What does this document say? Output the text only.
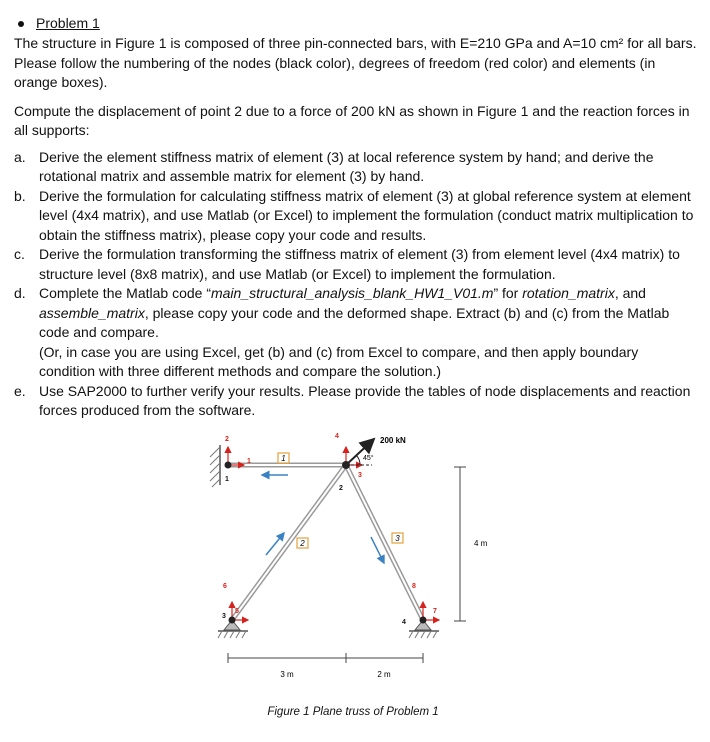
Problem 1

The structure in Figure 1 is composed of three pin-connected bars, with E=210 GPa and A=10 cm² for all bars. Please follow the numbering of the nodes (black color), degrees of freedom (red color) and elements (in orange boxes).

Compute the displacement of point 2 due to a force of 200 kN as shown in Figure 1 and the reaction forces in all supports:

a. Derive the element stiffness matrix of element (3) at local reference system by hand; and derive the rotational matrix and assemble matrix for element (3) by hand.
b. Derive the formulation for calculating stiffness matrix of element (3) at global reference system at element level (4x4 matrix), and use Matlab (or Excel) to implement the formulation (conduct matrix multiplication to obtain the stiffness matrix), please copy your code and results.
c. Derive the formulation transforming the stiffness matrix of element (3) from element level (4x4 matrix) to structure level (8x8 matrix), and use Matlab (or Excel) to implement the formulation.
d. Complete the Matlab code “main_structural_analysis_blank_HW1_V01.m” for rotation_matrix, and assemble_matrix, please copy your code and the deformed shape. Extract (b) and (c) from the Matlab code and compare.
(Or, in case you are using Excel, get (b) and (c) from Excel to compare, and then apply boundary condition with three different methods and compare the solution.)
e. Use SAP2000 to further verify your results. Please provide the tables of node displacements and reaction forces produced from the software.
1
2
3
200 kN
45°
1
2
3
4
1
2
3
4
5
6
7
8
4 m
3 m	2 m
Figure 1 Plane truss of Problem 1
